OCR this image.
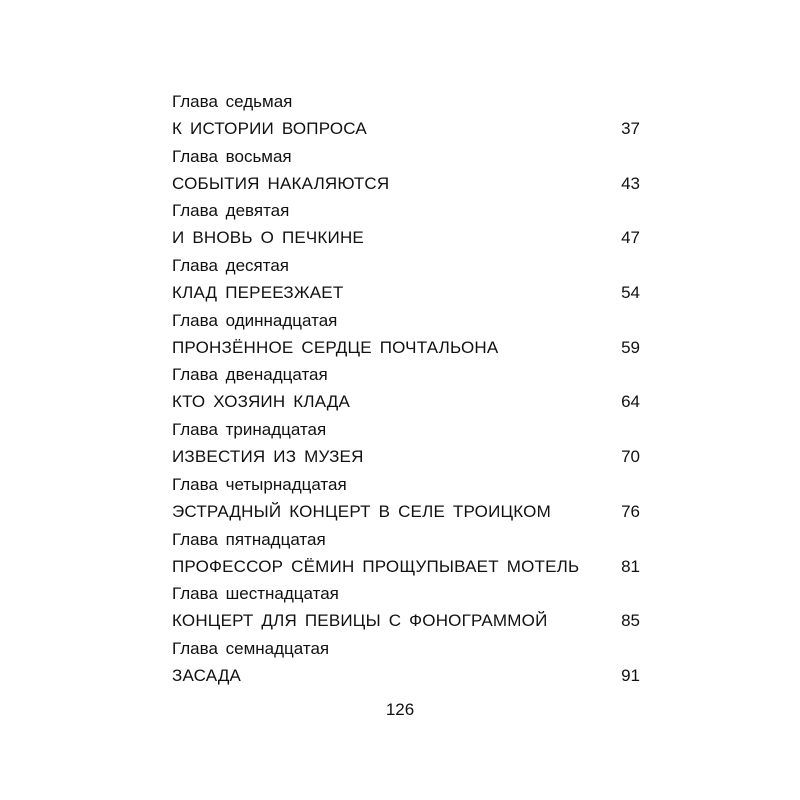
Глава седьмая
К ИСТОРИИ ВОПРОСА	37
Глава восьмая
СОБЫТИЯ НАКАЛЯЮТСЯ	43
Глава девятая
И ВНОВЬ О ПЕЧКИНЕ	47
Глава десятая
КЛАД ПЕРЕЕЗЖАЕТ	54
Глава одиннадцатая
ПРОНЗЁННОЕ СЕРДЦЕ ПОЧТАЛЬОНА	59
Глава двенадцатая
КТО ХОЗЯИН КЛАДА	64
Глава тринадцатая
ИЗВЕСТИЯ ИЗ МУЗЕЯ	70
Глава четырнадцатая
ЭСТРАДНЫЙ КОНЦЕРТ В СЕЛЕ ТРОИЦКОМ	76
Глава пятнадцатая
ПРОФЕССОР СЁМИН ПРОЩУПЫВАЕТ МОТЕЛЬ 81
Глава шестнадцатая
КОНЦЕРТ ДЛЯ ПЕВИЦЫ С ФОНОГРАММОЙ	85
Глава семнадцатая
ЗАСАДА	91
126
